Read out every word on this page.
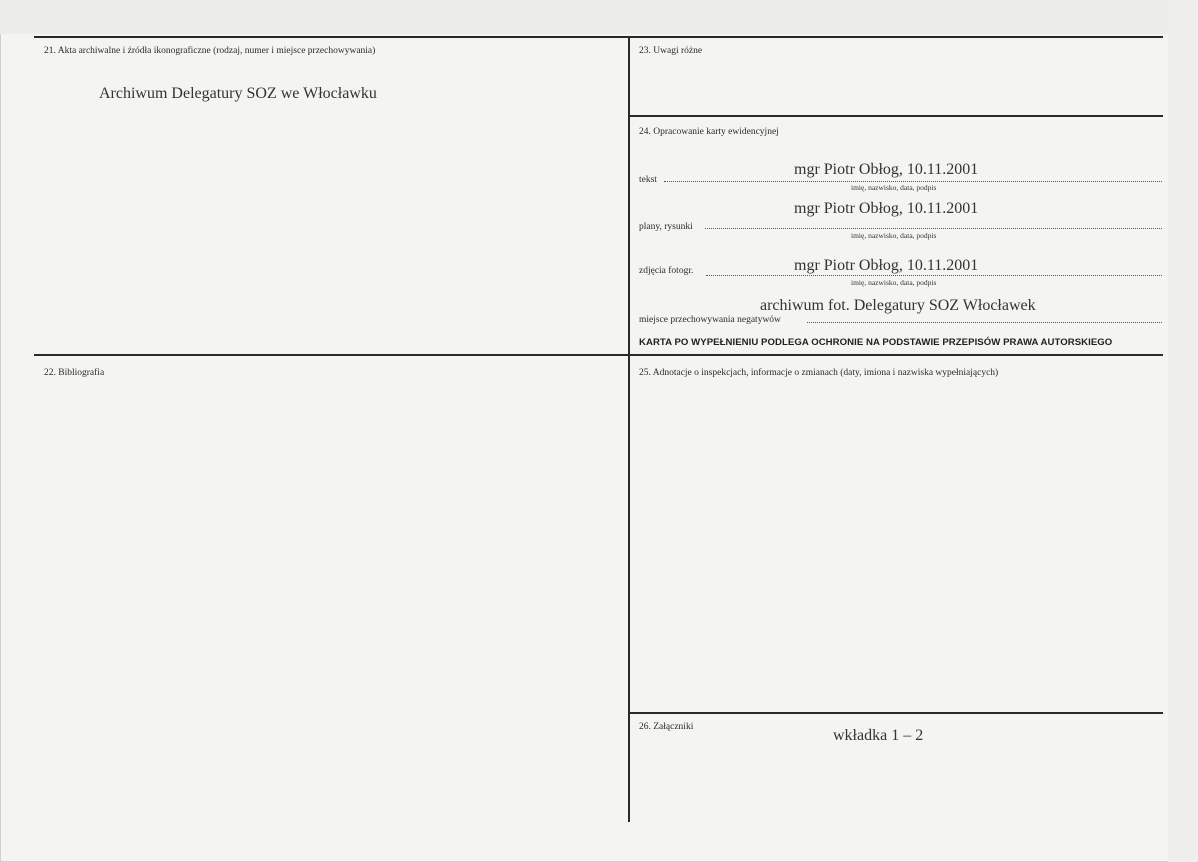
21. Akta archiwalne i źródła ikonograficzne (rodzaj, numer i miejsce przechowywania)
Archiwum Delegatury SOZ we Włocławku
22. Bibliografia
23. Uwagi różne
24. Opracowanie karty ewidencyjnej
mgr Piotr Obłog, 10.11.2001
tekst
imię, nazwisko, data, podpis
mgr Piotr Obłog, 10.11.2001
plany, rysunki
imię, nazwisko, data, podpis
zdjęcia fotogr.	mgr Piotr Obłog, 10.11.2001
imię, nazwisko, data, podpis
archiwum fot. Delegatury SOZ Włocławek
miejsce przechowywania negatywów
KARTA PO WYPEŁNIENIU PODLEGA OCHRONIE NA PODSTAWIE PRZEPISÓW PRAWA AUTORSKIEGO
25. Adnotacje o inspekcjach, informacje o zmianach (daty, imiona i nazwiska wypełniających)
26. Załączniki	wkładka 1 – 2
